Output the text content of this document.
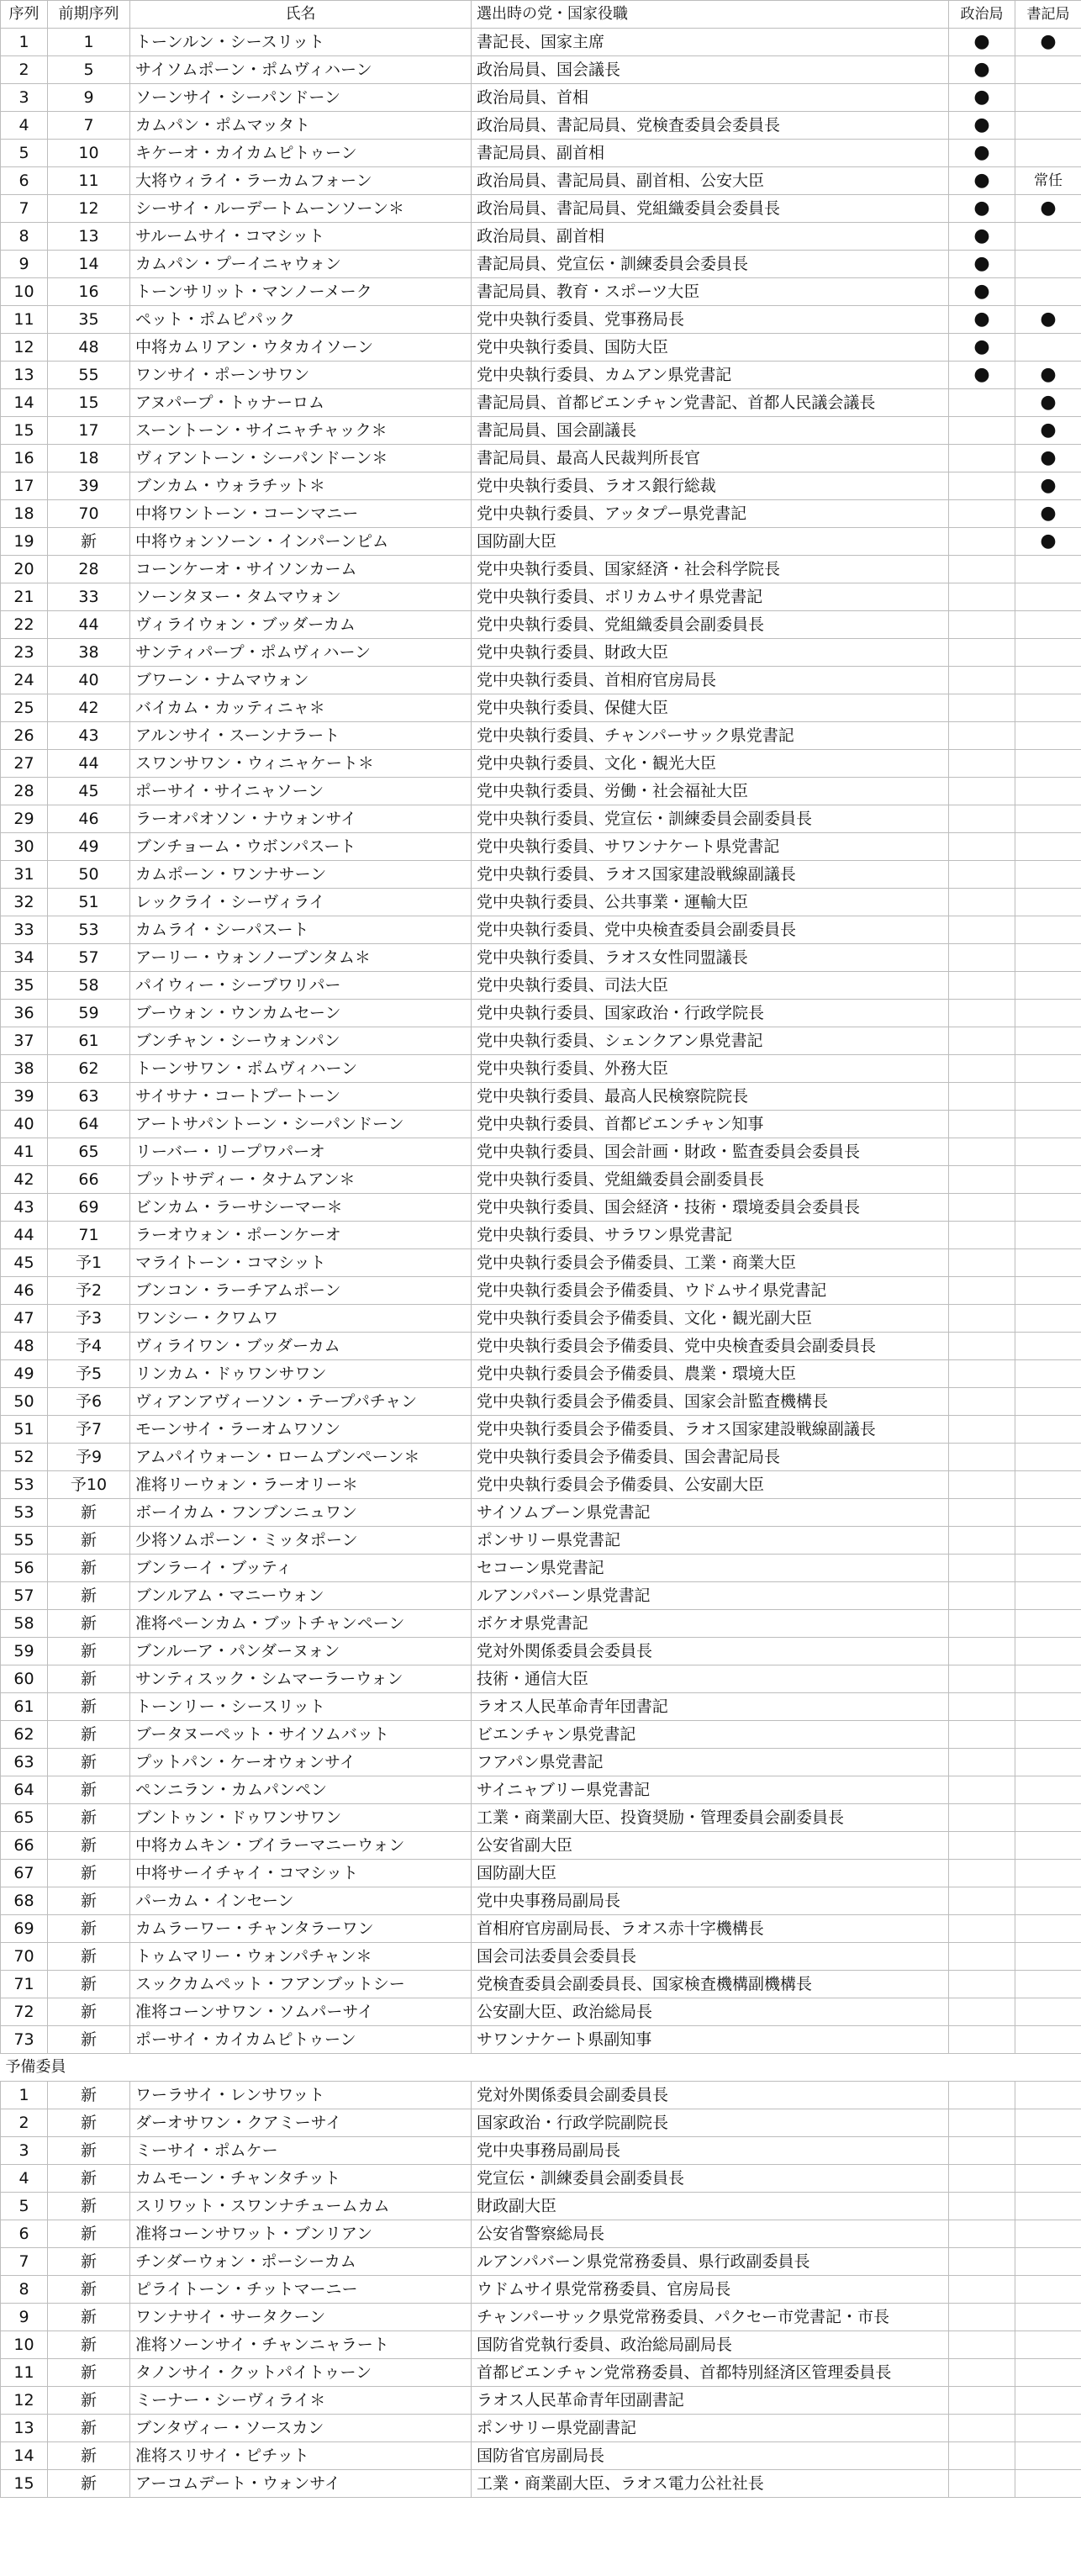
序列	前期序列	氏名	選出時の党・国家役職	政治局	書記局
1	1	トーンルン・シースリット	書記長、国家主席	●	●
2	5	サイソムポーン・ポムヴィハーン	政治局員、国会議長	●	
3	9	ソーンサイ・シーパンドーン	政治局員、首相	●	
4	7	カムパン・ポムマッタト	政治局員、書記局員、党検査委員会委員長	●	
5	10	キケーオ・カイカムピトゥーン	書記局員、副首相	●	
6	11	大将ウィライ・ラーカムフォーン	政治局員、書記局員、副首相、公安大臣	●	常任
7	12	シーサイ・ルーデートムーンソーン＊	政治局員、書記局員、党組織委員会委員長	●	●
8	13	サルームサイ・コマシット	政治局員、副首相	●	
9	14	カムパン・プーイニャウォン	書記局員、党宣伝・訓練委員会委員長	●	
10	16	トーンサリット・マンノーメーク	書記局員、教育・スポーツ大臣	●	
11	35	ペット・ポムピパック	党中央執行委員、党事務局長	●	●
12	48	中将カムリアン・ウタカイソーン	党中央執行委員、国防大臣	●	
13	55	ワンサイ・ポーンサワン	党中央執行委員、カムアン県党書記	●	●
14	15	アヌパープ・トゥナーロム	書記局員、首都ビエンチャン党書記、首都人民議会議長		●
15	17	スーントーン・サイニャチャック＊	書記局員、国会副議長		●
16	18	ヴィアントーン・シーパンドーン＊	書記局員、最高人民裁判所長官		●
17	39	ブンカム・ウォラチット＊	党中央執行委員、ラオス銀行総裁		●
18	70	中将ワントーン・コーンマニー	党中央執行委員、アッタプー県党書記		●
19	新	中将ウォンソーン・インパーンピム	国防副大臣		●
20	28	コーンケーオ・サイソンカーム	党中央執行委員、国家経済・社会科学院長		
21	33	ソーンタヌー・タムマウォン	党中央執行委員、ボリカムサイ県党書記		
22	44	ヴィライウォン・ブッダーカム	党中央執行委員、党組織委員会副委員長		
23	38	サンティパープ・ポムヴィハーン	党中央執行委員、財政大臣		
24	40	ブワーン・ナムマウォン	党中央執行委員、首相府官房局長		
25	42	バイカム・カッティニャ＊	党中央執行委員、保健大臣		
26	43	アルンサイ・スーンナラート	党中央執行委員、チャンパーサック県党書記		
27	44	スワンサワン・ウィニャケート＊	党中央執行委員、文化・観光大臣		
28	45	ポーサイ・サイニャソーン	党中央執行委員、労働・社会福祉大臣		
29	46	ラーオパオソン・ナウォンサイ	党中央執行委員、党宣伝・訓練委員会副委員長		
30	49	ブンチョーム・ウボンパスート	党中央執行委員、サワンナケート県党書記		
31	50	カムポーン・ワンナサーン	党中央執行委員、ラオス国家建設戦線副議長		
32	51	レックライ・シーヴィライ	党中央執行委員、公共事業・運輸大臣		
33	53	カムライ・シーパスート	党中央執行委員、党中央検査委員会副委員長		
34	57	アーリー・ウォンノーブンタム＊	党中央執行委員、ラオス女性同盟議長		
35	58	パイウィー・シーブワリパー	党中央執行委員、司法大臣		
36	59	ブーウォン・ウンカムセーン	党中央執行委員、国家政治・行政学院長		
37	61	ブンチャン・シーウォンパン	党中央執行委員、シェンクアン県党書記		
38	62	トーンサワン・ポムヴィハーン	党中央執行委員、外務大臣		
39	63	サイサナ・コートプートーン	党中央執行委員、最高人民検察院院長		
40	64	アートサパントーン・シーパンドーン	党中央執行委員、首都ビエンチャン知事		
41	65	リーバー・リープワパーオ	党中央執行委員、国会計画・財政・監査委員会委員長		
42	66	プットサディー・タナムアン＊	党中央執行委員、党組織委員会副委員長		
43	69	ビンカム・ラーサシーマー＊	党中央執行委員、国会経済・技術・環境委員会委員長		
44	71	ラーオウォン・ポーンケーオ	党中央執行委員、サラワン県党書記		
45	予1	マライトーン・コマシット	党中央執行委員会予備委員、工業・商業大臣		
46	予2	ブンコン・ラーチアムポーン	党中央執行委員会予備委員、ウドムサイ県党書記		
47	予3	ワンシー・クワムワ	党中央執行委員会予備委員、文化・観光副大臣		
48	予4	ヴィライワン・ブッダーカム	党中央執行委員会予備委員、党中央検査委員会副委員長		
49	予5	リンカム・ドゥワンサワン	党中央執行委員会予備委員、農業・環境大臣		
50	予6	ヴィアンアヴィーソン・テープパチャン	党中央執行委員会予備委員、国家会計監査機構長		
51	予7	モーンサイ・ラーオムワソン	党中央執行委員会予備委員、ラオス国家建設戦線副議長		
52	予9	アムパイウォーン・ロームブンペーン＊	党中央執行委員会予備委員、国会書記局長		
53	予10	准将リーウォン・ラーオリー＊	党中央執行委員会予備委員、公安副大臣		
53	新	ボーイカム・フンブンニュワン	サイソムブーン県党書記		
55	新	少将ソムポーン・ミッタポーン	ポンサリー県党書記		
56	新	ブンラーイ・ブッティ	セコーン県党書記		
57	新	ブンルアム・マニーウォン	ルアンパバーン県党書記		
58	新	准将ペーンカム・ブットチャンペーン	ボケオ県党書記		
59	新	ブンルーア・パンダーヌォン	党対外関係委員会委員長		
60	新	サンティスック・シムマーラーウォン	技術・通信大臣		
61	新	トーンリー・シースリット	ラオス人民革命青年団書記		
62	新	ブータヌーペット・サイソムバット	ビエンチャン県党書記		
63	新	プットパン・ケーオウォンサイ	フアパン県党書記		
64	新	ペンニラン・カムパンペン	サイニャブリー県党書記		
65	新	ブントゥン・ドゥワンサワン	工業・商業副大臣、投資奨励・管理委員会副委員長		
66	新	中将カムキン・ブイラーマニーウォン	公安省副大臣		
67	新	中将サーイチャイ・コマシット	国防副大臣		
68	新	パーカム・インセーン	党中央事務局副局長		
69	新	カムラーワー・チャンタラーワン	首相府官房副局長、ラオス赤十字機構長		
70	新	トゥムマリー・ウォンパチャン＊	国会司法委員会委員長		
71	新	スックカムペット・フアンブットシー	党検査委員会副委員長、国家検査機構副機構長		
72	新	准将コーンサワン・ソムパーサイ	公安副大臣、政治総局長		
73	新	ポーサイ・カイカムピトゥーン	サワンナケート県副知事		
予備委員					
1	新	ワーラサイ・レンサワット	党対外関係委員会副委員長		
2	新	ダーオサワン・クアミーサイ	国家政治・行政学院副院長		
3	新	ミーサイ・ポムケー	党中央事務局副局長		
4	新	カムモーン・チャンタチット	党宣伝・訓練委員会副委員長		
5	新	スリワット・スワンナチュームカム	財政副大臣		
6	新	准将コーンサワット・ブンリアン	公安省警察総局長		
7	新	チンダーウォン・ポーシーカム	ルアンパバーン県党常務委員、県行政副委員長		
8	新	ピライトーン・チットマーニー	ウドムサイ県党常務委員、官房局長		
9	新	ワンナサイ・サータクーン	チャンパーサック県党常務委員、パクセー市党書記・市長		
10	新	准将ソーンサイ・チャンニャラート	国防省党執行委員、政治総局副局長		
11	新	タノンサイ・クットパイトゥーン	首都ビエンチャン党常務委員、首都特別経済区管理委員長		
12	新	ミーナー・シーヴィライ＊	ラオス人民革命青年団副書記		
13	新	ブンタヴィー・ソースカン	ポンサリー県党副書記		
14	新	准将スリサイ・ピチット	国防省官房副局長		
15	新	アーコムデート・ウォンサイ	工業・商業副大臣、ラオス電力公社社長		
